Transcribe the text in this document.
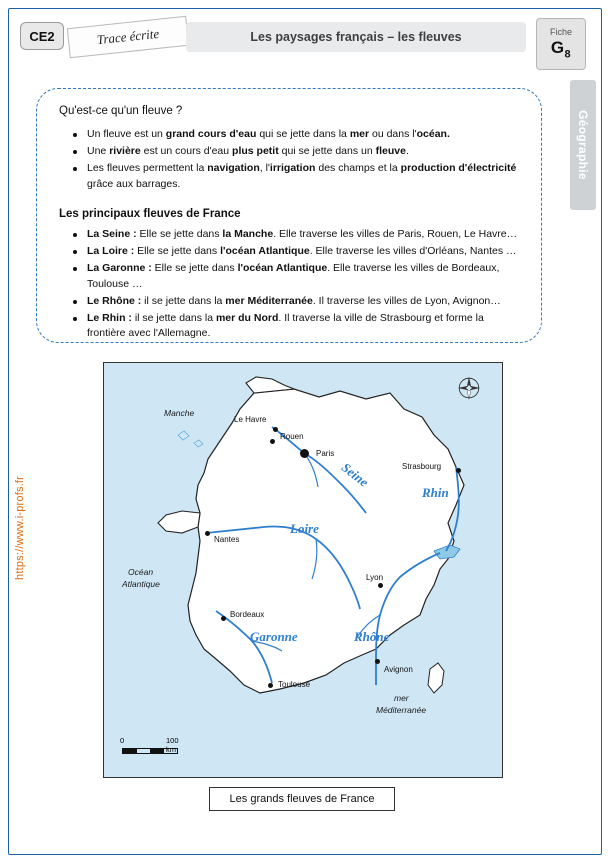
https://www.i-profs.fr
CE2	Trace écrite	Les paysages français – les fleuves	Fiche
$G_8$
Géographie

Qu'est-ce qu'un fleuve ?

Un fleuve est un grand cours d'eau qui se jette dans la mer ou dans l'océan.
Une rivière est un cours d'eau plus petit qui se jette dans un fleuve.
Les fleuves permettent la navigation, l'irrigation des champs et la production d'électricité grâce aux barrages.

Les principaux fleuves de France

La Seine : Elle se jette dans la Manche. Elle traverse les villes de Paris, Rouen, Le Havre…
La Loire : Elle se jette dans l'océan Atlantique. Elle traverse les villes d'Orléans, Nantes …
La Garonne : Elle se jette dans l'océan Atlantique. Elle traverse les villes de Bordeaux, Toulouse …
Le Rhône : il se jette dans la mer Méditerranée. Il traverse les villes de Lyon, Avignon…
Le Rhin : il se jette dans la mer du Nord. Il traverse la ville de Strasbourg et forme la frontière avec l'Allemagne.
Manche
Océan
Atlantique
mer
Méditerranée
Seine
Loire
Garonne	Rhône
Rhin
Le Havre
Rouen
Paris
Strasbourg
Nantes
Lyon
Bordeaux
Toulouse
Avignon
0	100 km
Les grands fleuves de France
